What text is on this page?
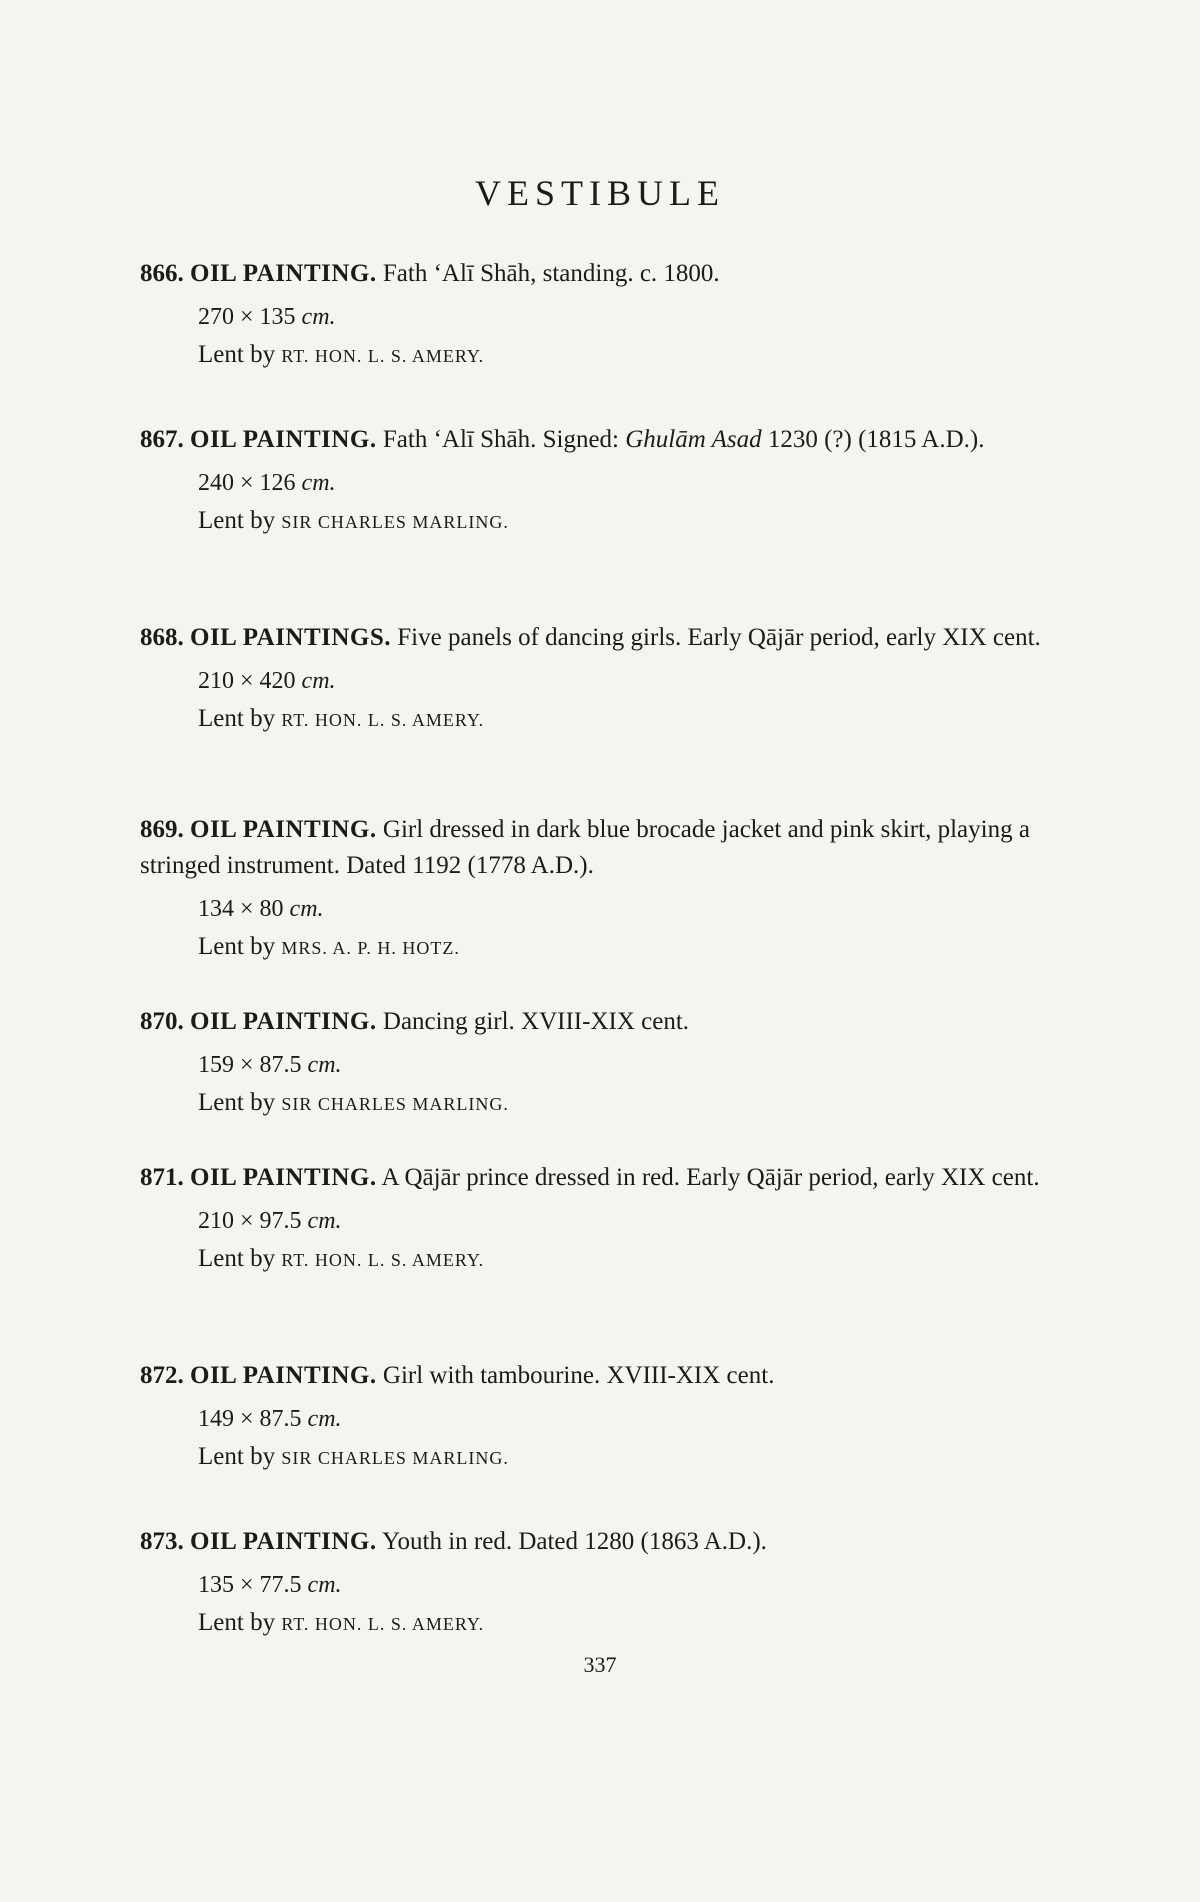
VESTIBULE

866. OIL PAINTING. Fath ‘Alī Shāh, standing. c. 1800.

270 × 135 cm.
Lent by RT. HON. L. S. AMERY.

867. OIL PAINTING. Fath ‘Alī Shāh. Signed: Ghulām Asad 1230 (?) (1815 A.D.).

240 × 126 cm.
Lent by SIR CHARLES MARLING.

868. OIL PAINTINGS. Five panels of dancing girls. Early Qājār period, early XIX cent.

210 × 420 cm.
Lent by RT. HON. L. S. AMERY.

869. OIL PAINTING. Girl dressed in dark blue brocade jacket and pink skirt, playing a stringed instrument. Dated 1192 (1778 A.D.).

134 × 80 cm.
Lent by MRS. A. P. H. HOTZ.

870. OIL PAINTING. Dancing girl. XVIII-XIX cent.

159 × 87.5 cm.
Lent by SIR CHARLES MARLING.

871. OIL PAINTING. A Qājār prince dressed in red. Early Qājār period, early XIX cent.

210 × 97.5 cm.
Lent by RT. HON. L. S. AMERY.

872. OIL PAINTING. Girl with tambourine. XVIII-XIX cent.

149 × 87.5 cm.
Lent by SIR CHARLES MARLING.

873. OIL PAINTING. Youth in red. Dated 1280 (1863 A.D.).

135 × 77.5 cm.
Lent by RT. HON. L. S. AMERY.
337
